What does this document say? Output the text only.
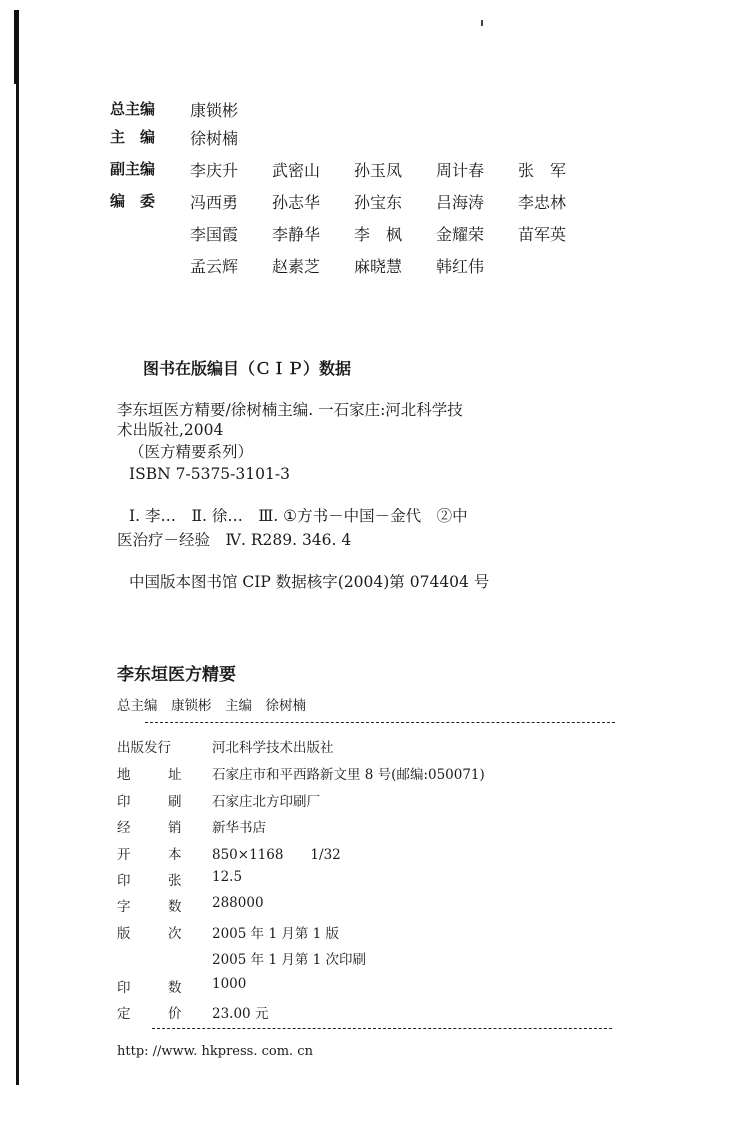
总主编 康锁彬
主　编 徐树楠
副主编 李庆升 武密山 孙玉凤 周计春 张　军
编　委 冯西勇 孙志华 孙宝东 吕海涛 李忠林
李国霞 李静华 李　枫 金耀荣 苗军英
孟云辉 赵素芝 麻晓慧 韩红伟
图书在版编目（ＣＩＰ）数据
李东垣医方精要/徐树楠主编. 一石家庄:河北科学技
术出版社,2004
（医方精要系列）
ISBN 7-5375-3101-3
Ⅰ. 李…　Ⅱ. 徐…　Ⅲ. ①方书－中国－金代　②中
医治疗－经验　Ⅳ. R289. 346. 4
中国版本图书馆 CIP 数据核字(2004)第 074404 号
李东垣医方精要
总主编　康锁彬　主编　徐树楠
出版发行	河北科学技术出版社
地	址 石家庄市和平西路新文里 8 号(邮编:050071)
印	刷 石家庄北方印刷厂
经	销 新华书店
开	本 850×1168　　1/32
印	张 12.5
字	数 288000
版	次 2005 年 1 月第 1 版
2005 年 1 月第 1 次印刷
印	数 1000
定	价 23.00 元
http: //www. hkpress. com. cn
